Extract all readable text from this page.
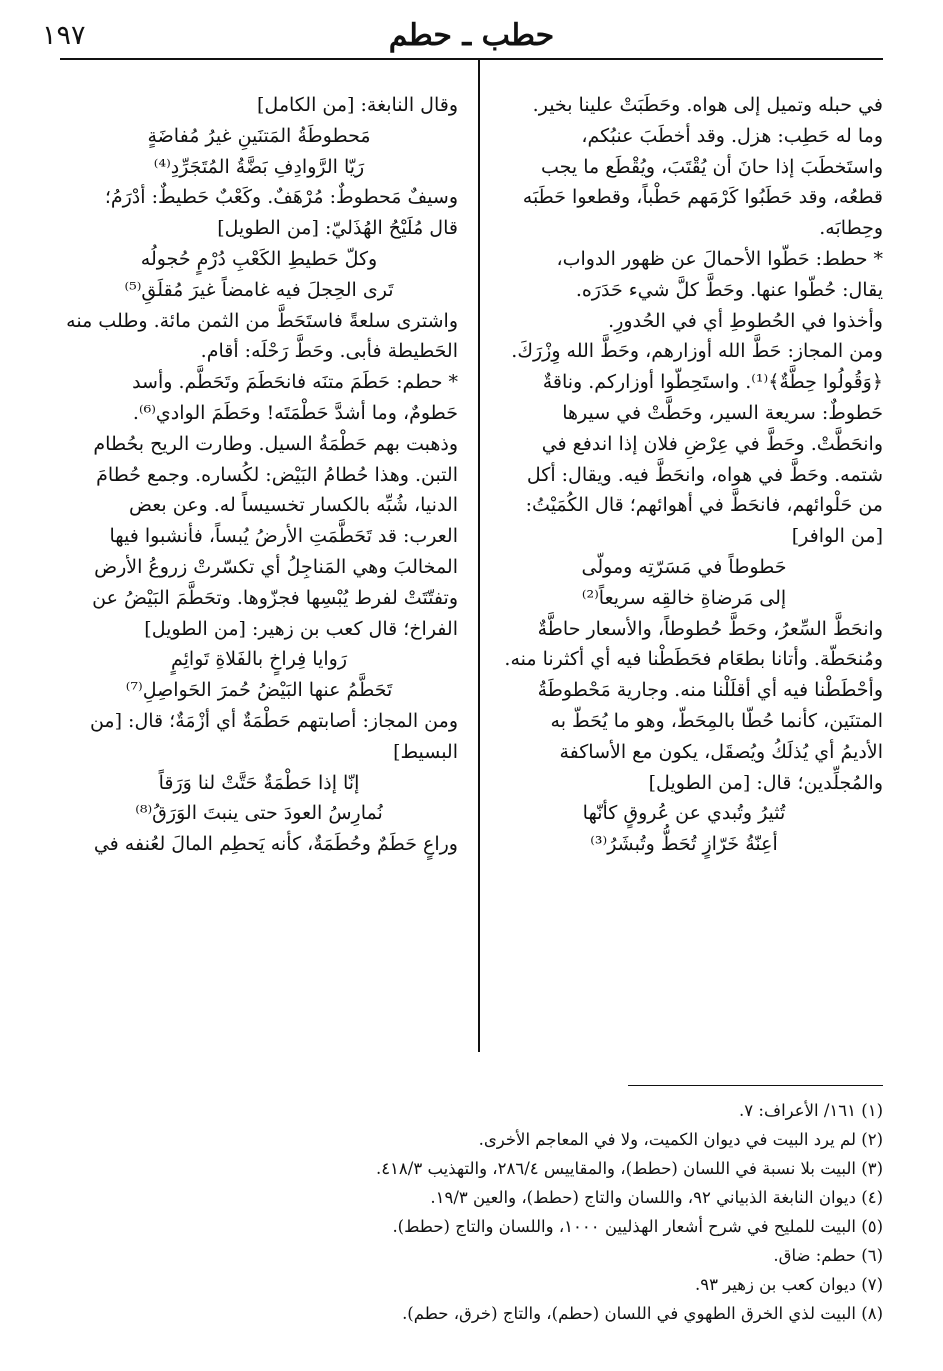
حطب ـ حطم
١٩٧

في حبله وتميل إلى هواه. وحَطَبَتْ علينا بخير.

وما له حَطِب: هزل. وقد أخطَبَ عنبُكم،

واستَخطَبَ إذا حانَ أن يُقْتَبَ، ويُقْطَع ما يجب

قطعُه، وقد حَطَبُوا كَرْمَهم حَطْباً، وقطعوا حَطَبَه

وحِطابَه.

* حطط: حَطّوا الأحمالَ عن ظهور الدواب،

يقال: حُطّوا عنها. وحَطَّ كلَّ شيء حَدَرَه.

وأخذوا في الحُطوطِ أي في الحُدورِ.

ومن المجاز: حَطَّ الله أوزارهم، وحَطَّ الله وِزْرَكَ.

﴿وَقُولُوا حِطَّةٌ﴾⁽¹⁾. واستَحِطّوا أوزاركم. وناقةٌ

حَطوطٌ: سريعة السير، وحَطَّتْ في سيرها

وانحَطَّتْ. وحَطَّ في عِرْضِ فلان إذا اندفع في

شتمه. وحَطَّ في هواه، وانحَطَّ فيه. ويقال: أكل

من حَلْوائهم، فانحَطَّ في أهوائهم؛ قال الكُمَيْتُ:

[من الوافر]

حَطوطاً في مَسَرّتِه ومولّى

إلى مَرضاةِ خالقِه سريعاً⁽²⁾

وانحَطَّ السِّعرُ، وحَطَّ حُطوطاً، والأسعار حاطَّةٌ

ومُنحَطّة. وأتانا بطعَام فحَطَطْنا فيه أي أكثرنا منه.

وأحْطَطْنا فيه أي أقلَلْنا منه. وجارية مَحْطوطَةُ

المتنَين، كأنما حُطّا بالمِحَطّ، وهو ما يُحَطّ به

الأديمُ أي يُذلَكُ ويُصقَل، يكون مع الأساكفة

والمُجلِّدين؛ قال: [من الطويل]

تُثيرُ وتُبدي عن عُروقٍ كأنّها

أعِنّةُ خَرّازٍ تُحَطُّ وتُبشَرُ⁽³⁾

وقال النابغة: [من الكامل]

مَحطوطَةُ المَتنَينِ غيرُ مُفاضَةٍ

رَيّا الرَّوادِفِ بَضَّةُ المُتَجَرِّدِ⁽⁴⁾

وسيفٌ مَحطوطٌ: مُرْهَفٌ. وكَعْبٌ حَطيطٌ: أدْرَمُ؛

قال مُلَيْحُ الهُذَليّ: [من الطويل]

وكلّ حَطيطِ الكَعْبِ دُرْمٍ حُجولُه

تَرى الحِجلَ فيه غامضاً غيرَ مُقلَقِ⁽⁵⁾

واشترى سلعةً فاستَحَطَّ من الثمن مائة. وطلب منه

الحَطيطة فأبى. وحَطَّ رَحْلَه: أقام.

* حطم: حَطَمَ متنَه فانحَطَمَ وتَحَطَّم. وأسد

حَطومٌ، وما أشدَّ حَطْمَتَه! وحَطَمَ الوادي⁽⁶⁾.

وذهبت بهم حَطْمَةُ السيل. وطارت الريح بحُطام

التبن. وهذا حُطامُ البَيْض: لكُساره. وجمع حُطامَ

الدنيا، شُبِّه بالكسار تخسيساً له. وعن بعض

العرب: قد تَحَطَّمَتِ الأرضُ يُبساً، فأنشبوا فيها

المخالبَ وهي المَناجِلُ أي تكسّرتْ زروعُ الأرض

وتفتّتَتْ لفرط يُبْسِها فجزّوها. وتحَطَّمَ البَيْضُ عن

الفراخ؛ قال كعب بن زهير: [من الطويل]

رَوايا فِراخٍ بالفَلاةِ تَوائِمٍ

تَحَطَّمُ عنها البَيْضُ حُمرَ الحَواصِلِ⁽⁷⁾

ومن المجاز: أصابتهم حَطْمَةٌ أي أزْمَةٌ؛ قال: [من

البسيط]

إنّا إذا حَطْمَةٌ حَتَّتْ لنا وَرَقاً

نُمارِسُ العودَ حتى ينبتَ الوَرَقُ⁽⁸⁾

وراعٍ حَطَمٌ وحُطَمَةٌ، كأنه يَحطِم المالَ لعُنفه في

(١) ١٦١/ الأعراف: ٧.

(٢) لم يرد البيت في ديوان الكميت، ولا في المعاجم الأخرى.

(٣) البيت بلا نسبة في اللسان (حطط)، والمقاييس ٢٨٦/٤، والتهذيب ٤١٨/٣.

(٤) ديوان النابغة الذبياني ٩٢، واللسان والتاج (حطط)، والعين ١٩/٣.

(٥) البيت للمليح في شرح أشعار الهذليين ١٠٠٠، واللسان والتاج (حطط).

(٦) حطم: ضاق.

(٧) ديوان كعب بن زهير ٩٣.

(٨) البيت لذي الخرق الطهوي في اللسان (حطم)، والتاج (خرق، حطم).
